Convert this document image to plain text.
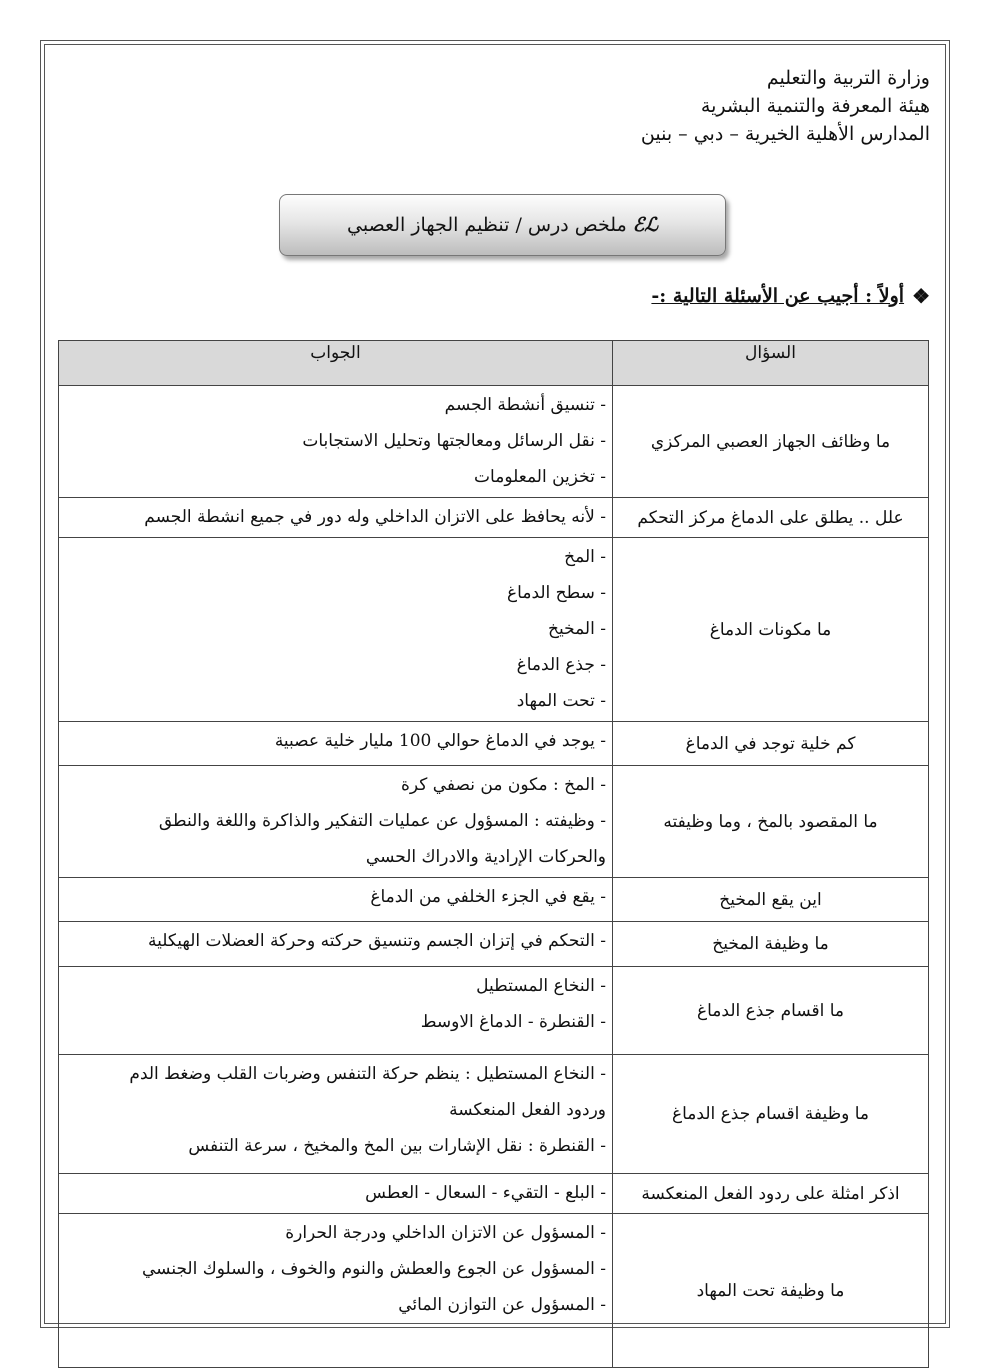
وزارة التربية والتعليم
هيئة المعرفة والتنمية البشرية
المدارس الأهلية الخيرية – دبي – بنين
ℰℒ
ملخص درس / تنظيم الجهاز العصبي
❖
أولاً : أجيب عن الأسئلة التالية :-
السؤال	الجواب
ما وظائف الجهاز العصبي المركزي	- تنسيق أنشطة الجسم
- نقل الرسائل ومعالجتها وتحليل الاستجابات
- تخزين المعلومات

علل .. يطلق على الدماغ مركز التحكم	- لأنه يحافظ على الاتزان الداخلي وله دور في جميع انشطة الجسم

ما مكونات الدماغ	- المخ
- سطح الدماغ
- المخيخ
- جذع الدماغ
- تحت المهاد

كم خلية توجد في الدماغ	- يوجد في الدماغ حوالي 100 مليار خلية عصبية

ما المقصود بالمخ ، وما وظيفته	- المخ : مكون من نصفي كرة
- وظيفته : المسؤول عن عمليات التفكير والذاكرة واللغة والنطق
والحركات الإرادية والادراك الحسي

اين يقع المخيخ	- يقع في الجزء الخلفي من الدماغ

ما وظيفة المخيخ	- التحكم في إتزان الجسم وتنسيق حركته وحركة العضلات الهيكلية

ما اقسام جذع الدماغ	- النخاع المستطيل
- القنطرة - الدماغ الاوسط

ما وظيفة اقسام جذع الدماغ	- النخاع المستطيل : ينظم حركة التنفس وضربات القلب وضغط الدم
وردود الفعل المنعكسة
- القنطرة : نقل الإشارات بين المخ والمخيخ ، سرعة التنفس

اذكر امثلة على ردود الفعل المنعكسة	- البلع - التقيء - السعال - العطس

ما وظيفة تحت المهاد	- المسؤول عن الاتزان الداخلي ودرجة الحرارة
- المسؤول عن الجوع والعطش والنوم والخوف ، والسلوك الجنسي
- المسؤول عن التوازن المائي
